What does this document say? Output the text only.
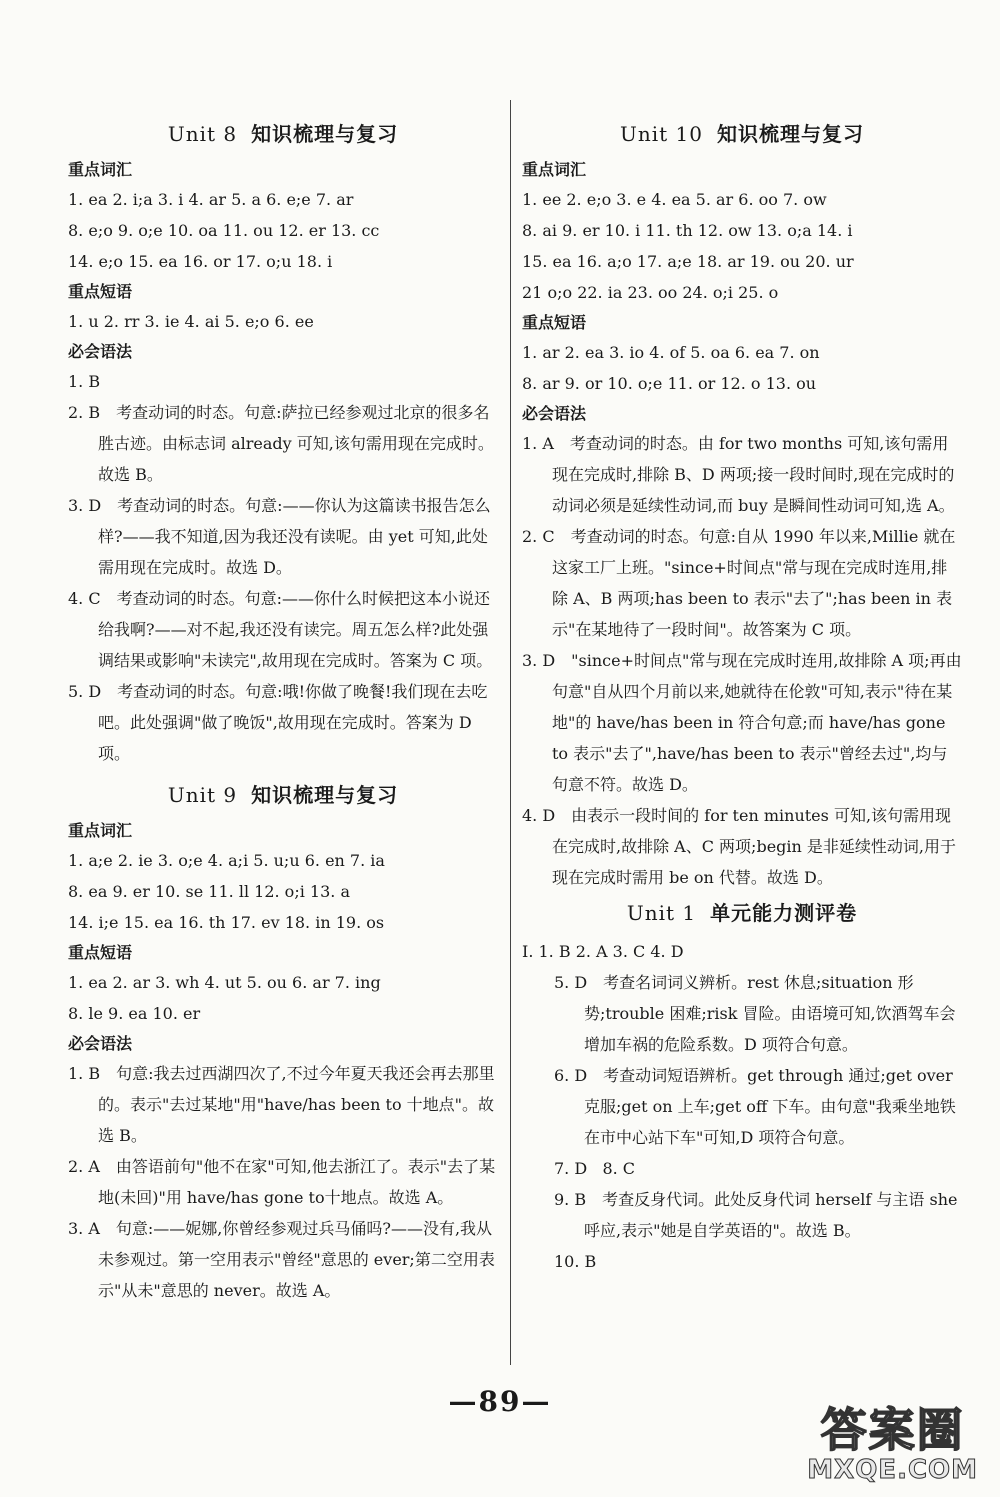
Unit 8 知识梳理与复习
重点词汇
1. ea 2. i;a 3. i 4. ar 5. a 6. e;e 7. ar
8. e;o 9. o;e 10. oa 11. ou 12. er 13. cc
14. e;o 15. ea 16. or 17. o;u 18. i
重点短语
1. u 2. rr 3. ie 4. ai 5. e;o 6. ee
必会语法
1. B
2. B　考查动词的时态。句意:萨拉已经参观过北京的很多名胜古迹。由标志词 already 可知,该句需用现在完成时。故选 B。
3. D　考查动词的时态。句意:——你认为这篇读书报告怎么样?——我不知道,因为我还没有读呢。由 yet 可知,此处需用现在完成时。故选 D。
4. C　考查动词的时态。句意:——你什么时候把这本小说还给我啊?——对不起,我还没有读完。周五怎么样?此处强调结果或影响"未读完",故用现在完成时。答案为 C 项。
5. D　考查动词的时态。句意:哦!你做了晚餐!我们现在去吃吧。此处强调"做了晚饭",故用现在完成时。答案为 D 项。
Unit 9 知识梳理与复习
重点词汇
1. a;e 2. ie 3. o;e 4. a;i 5. u;u 6. en 7. ia
8. ea 9. er 10. se 11. ll 12. o;i 13. a
14. i;e 15. ea 16. th 17. ev 18. in 19. os
重点短语
1. ea 2. ar 3. wh 4. ut 5. ou 6. ar 7. ing
8. le 9. ea 10. er
必会语法
1. B　句意:我去过西湖四次了,不过今年夏天我还会再去那里的。表示"去过某地"用"have/has been to 十地点"。故选 B。
2. A　由答语前句"他不在家"可知,他去浙江了。表示"去了某地(未回)"用 have/has gone to十地点。故选 A。
3. A　句意:——妮娜,你曾经参观过兵马俑吗?——没有,我从未参观过。第一空用表示"曾经"意思的 ever;第二空用表示"从未"意思的 never。故选 A。
Unit 10 知识梳理与复习
重点词汇
1. ee 2. e;o 3. e 4. ea 5. ar 6. oo 7. ow
8. ai 9. er 10. i 11. th 12. ow 13. o;a 14. i
15. ea 16. a;o 17. a;e 18. ar 19. ou 20. ur
21 o;o 22. ia 23. oo 24. o;i 25. o
重点短语
1. ar 2. ea 3. io 4. of 5. oa 6. ea 7. on
8. ar 9. or 10. o;e 11. or 12. o 13. ou
必会语法
1. A　考查动词的时态。由 for two months 可知,该句需用现在完成时,排除 B、D 两项;接一段时间时,现在完成时的动词必须是延续性动词,而 buy 是瞬间性动词可知,选 A。
2. C　考查动词的时态。句意:自从 1990 年以来,Millie 就在这家工厂上班。"since+时间点"常与现在完成时连用,排除 A、B 两项;has been to 表示"去了";has been in 表示"在某地待了一段时间"。故答案为 C 项。
3. D　"since+时间点"常与现在完成时连用,故排除 A 项;再由句意"自从四个月前以来,她就待在伦敦"可知,表示"待在某地"的 have/has been in 符合句意;而 have/has gone to 表示"去了",have/has been to 表示"曾经去过",均与句意不符。故选 D。
4. D　由表示一段时间的 for ten minutes 可知,该句需用现在完成时,故排除 A、C 两项;begin 是非延续性动词,用于现在完成时需用 be on 代替。故选 D。
Unit 1 单元能力测评卷
Ⅰ. 1. B 2. A 3. C 4. D
5. D　考查名词词义辨析。rest 休息;situation 形势;trouble 困难;risk 冒险。由语境可知,饮酒驾车会增加车祸的危险系数。D 项符合句意。
6. D　考查动词短语辨析。get through 通过;get over 克服;get on 上车;get off 下车。由句意"我乘坐地铁在市中心站下车"可知,D 项符合句意。
7. D   8. C
9. B　考查反身代词。此处反身代词 herself 与主语 she 呼应,表示"她是自学英语的"。故选 B。
10. B
—89—
答案圈
MXQE.COM
